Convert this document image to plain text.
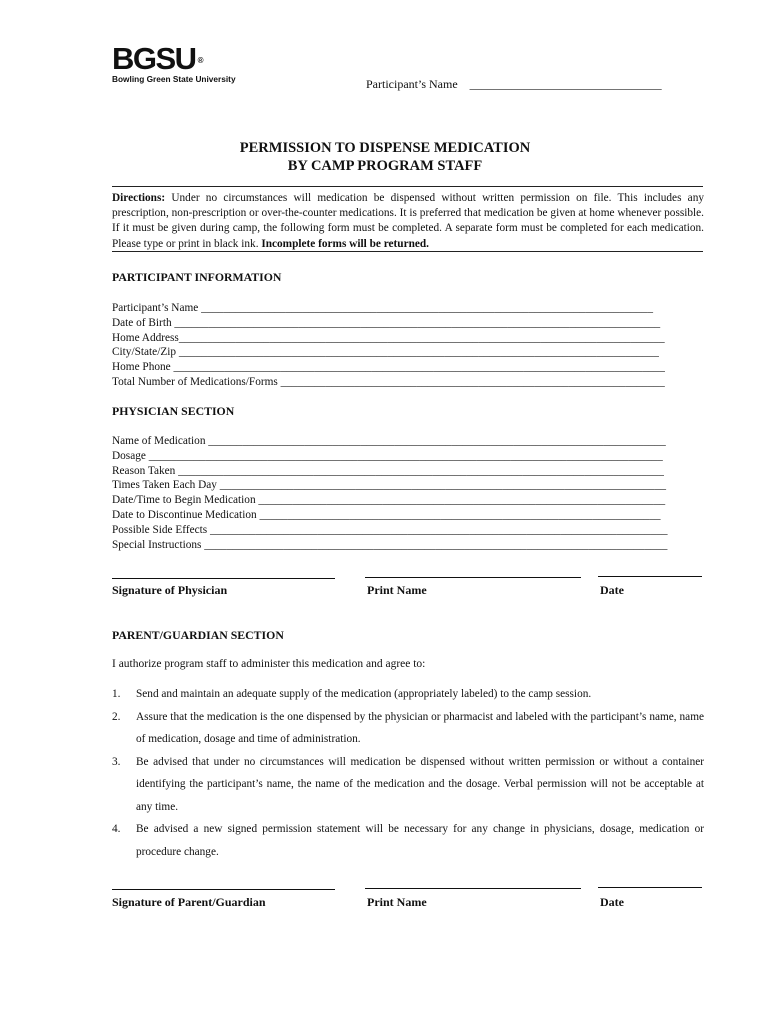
BGSU ®
Bowling Green State University	Participant’s Name ________________________________
PERMISSION TO DISPENSE MEDICATION
BY CAMP PROGRAM STAFF
Directions: Under no circumstances will medication be dispensed without written permission on file. This includes any prescription, non-prescription or over-the-counter medications. It is preferred that medication be given at home whenever possible. If it must be given during camp, the following form must be completed. A separate form must be completed for each medication. Please type or print in black ink. Incomplete forms will be returned.
PARTICIPANT INFORMATION
Participant’s Name ________________________________________________________________________________
Date of Birth ______________________________________________________________________________________
Home Address______________________________________________________________________________________
City/State/Zip _____________________________________________________________________________________
Home Phone _______________________________________________________________________________________
Total Number of Medications/Forms ____________________________________________________________________
PHYSICIAN SECTION
Name of Medication _________________________________________________________________________________
Dosage ___________________________________________________________________________________________
Reason Taken ______________________________________________________________________________________
Times Taken Each Day _______________________________________________________________________________
Date/Time to Begin Medication ________________________________________________________________________
Date to Discontinue Medication _______________________________________________________________________
Possible Side Effects _________________________________________________________________________________
Special Instructions __________________________________________________________________________________
Signature of Physician	Print Name	Date
PARENT/GUARDIAN SECTION
I authorize program staff to administer this medication and agree to:
1. Send and maintain an adequate supply of the medication (appropriately labeled) to the camp session.
2. Assure that the medication is the one dispensed by the physician or pharmacist and labeled with the participant’s name, name of medication, dosage and time of administration.
3. Be advised that under no circumstances will medication be dispensed without written permission or without a container identifying the participant’s name, the name of the medication and the dosage. Verbal permission will not be acceptable at any time.
4. Be advised a new signed permission statement will be necessary for any change in physicians, dosage, medication or procedure change.
Signature of Parent/Guardian	Print Name	Date
